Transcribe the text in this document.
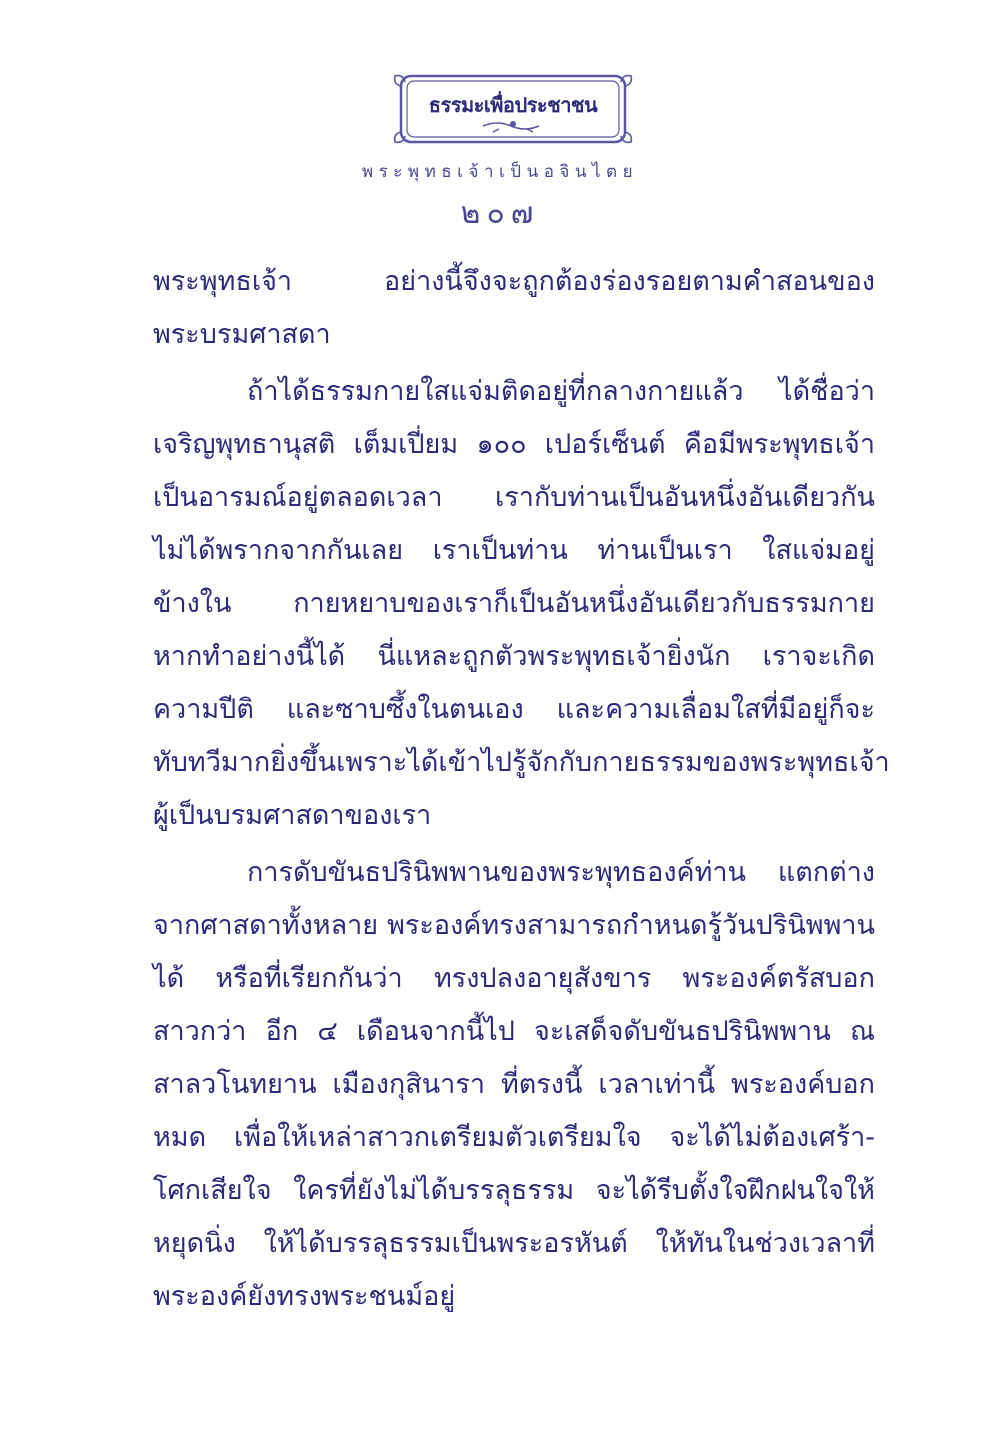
ธรรมะเพื่อประชาชน
พระพุทธเจ้าเป็นอจินไตย
๒๐๗
พระพุทธเจ้า อย่างนี้จึงจะถูกต้องร่องรอยตามคำสอนของ
พระบรมศาสดา
ถ้าได้ธรรมกายใสแจ่มติดอยู่ที่กลางกายแล้ว ได้ชื่อว่า
เจริญพุทธานุสติ เต็มเปี่ยม ๑๐๐ เปอร์เซ็นต์ คือมีพระพุทธเจ้า
เป็นอารมณ์อยู่ตลอดเวลา เรากับท่านเป็นอันหนึ่งอันเดียวกัน
ไม่ได้พรากจากกันเลย เราเป็นท่าน ท่านเป็นเรา ใสแจ่มอยู่
ข้างใน กายหยาบของเราก็เป็นอันหนึ่งอันเดียวกับธรรมกาย
หากทำอย่างนี้ได้ นี่แหละถูกตัวพระพุทธเจ้ายิ่งนัก เราจะเกิด
ความปีติ และซาบซึ้งในตนเอง และความเลื่อมใสที่มีอยู่ก็จะ
ทับทวีมากยิ่งขึ้นเพราะได้เข้าไปรู้จักกับกายธรรมของพระพุทธเจ้า
ผู้เป็นบรมศาสดาของเรา
การดับขันธปรินิพพานของพระพุทธองค์ท่าน แตกต่าง
จากศาสดาทั้งหลาย พระองค์ทรงสามารถกำหนดรู้วันปรินิพพาน
ได้ หรือที่เรียกกันว่า ทรงปลงอายุสังขาร พระองค์ตรัสบอก
สาวกว่า อีก ๔ เดือนจากนี้ไป จะเสด็จดับขันธปรินิพพาน ณ
สาลวโนทยาน เมืองกุสินารา ที่ตรงนี้ เวลาเท่านี้ พระองค์บอก
หมด เพื่อให้เหล่าสาวกเตรียมตัวเตรียมใจ จะได้ไม่ต้องเศร้า-
โศกเสียใจ ใครที่ยังไม่ได้บรรลุธรรม จะได้รีบตั้งใจฝึกฝนใจให้
หยุดนิ่ง ให้ได้บรรลุธรรมเป็นพระอรหันต์ ให้ทันในช่วงเวลาที่
พระองค์ยังทรงพระชนม์อยู่
